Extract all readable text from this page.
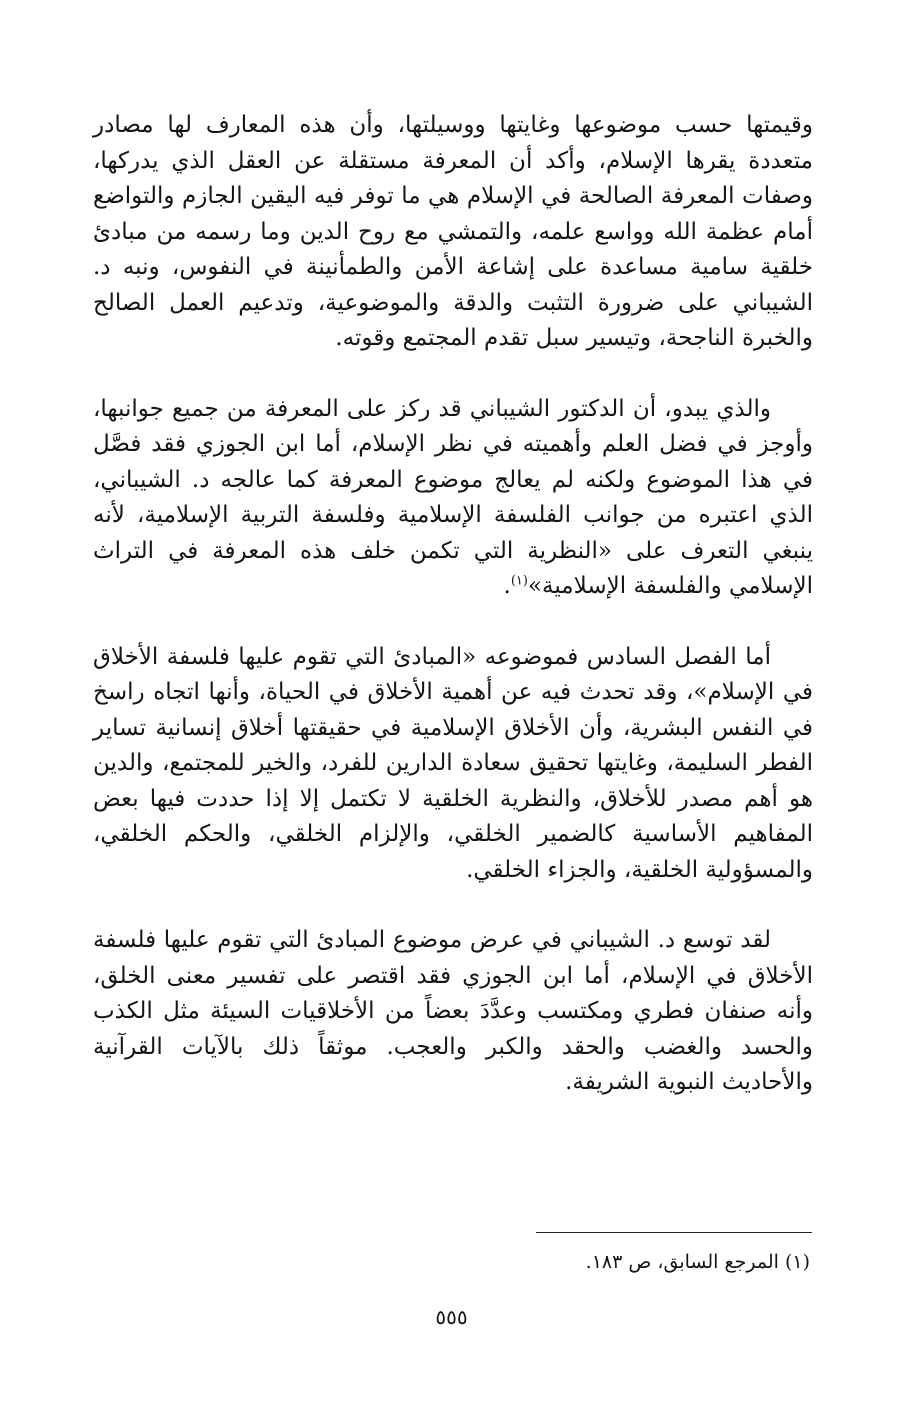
وقيمتها حسب موضوعها وغايتها ووسيلتها، وأن هذه المعارف لها مصادر متعددة يقرها الإسلام، وأكد أن المعرفة مستقلة عن العقل الذي يدركها، وصفات المعرفة الصالحة في الإسلام هي ما توفر فيه اليقين الجازم والتواضع أمام عظمة الله وواسع علمه، والتمشي مع روح الدين وما رسمه من مبادئ خلقية سامية مساعدة على إشاعة الأمن والطمأنينة في النفوس، ونبه د. الشيباني على ضرورة التثبت والدقة والموضوعية، وتدعيم العمل الصالح والخبرة الناجحة، وتيسير سبل تقدم المجتمع وقوته.

والذي يبدو، أن الدكتور الشيباني قد ركز على المعرفة من جميع جوانبها، وأوجز في فضل العلم وأهميته في نظر الإسلام، أما ابن الجوزي فقد فصَّل في هذا الموضوع ولكنه لم يعالج موضوع المعرفة كما عالجه د. الشيباني، الذي اعتبره من جوانب الفلسفة الإسلامية وفلسفة التربية الإسلامية، لأنه ينبغي التعرف على «النظرية التي تكمن خلف هذه المعرفة في التراث الإسلامي والفلسفة الإسلامية»$^{(١)}$.

أما الفصل السادس فموضوعه «المبادئ التي تقوم عليها فلسفة الأخلاق في الإسلام»، وقد تحدث فيه عن أهمية الأخلاق في الحياة، وأنها اتجاه راسخ في النفس البشرية، وأن الأخلاق الإسلامية في حقيقتها أخلاق إنسانية تساير الفطر السليمة، وغايتها تحقيق سعادة الدارين للفرد، والخير للمجتمع، والدين هو أهم مصدر للأخلاق، والنظرية الخلقية لا تكتمل إلا إذا حددت فيها بعض المفاهيم الأساسية كالضمير الخلقي، والإلزام الخلقي، والحكم الخلقي، والمسؤولية الخلقية، والجزاء الخلقي.

لقد توسع د. الشيباني في عرض موضوع المبادئ التي تقوم عليها فلسفة الأخلاق في الإسلام، أما ابن الجوزي فقد اقتصر على تفسير معنى الخلق، وأنه صنفان فطري ومكتسب وعدَّدَ بعضاً من الأخلاقيات السيئة مثل الكذب والحسد والغضب والحقد والكبر والعجب. موثقاً ذلك بالآيات القرآنية والأحاديث النبوية الشريفة.

(١) المرجع السابق، ص ١٨٣.
٥٥٥
